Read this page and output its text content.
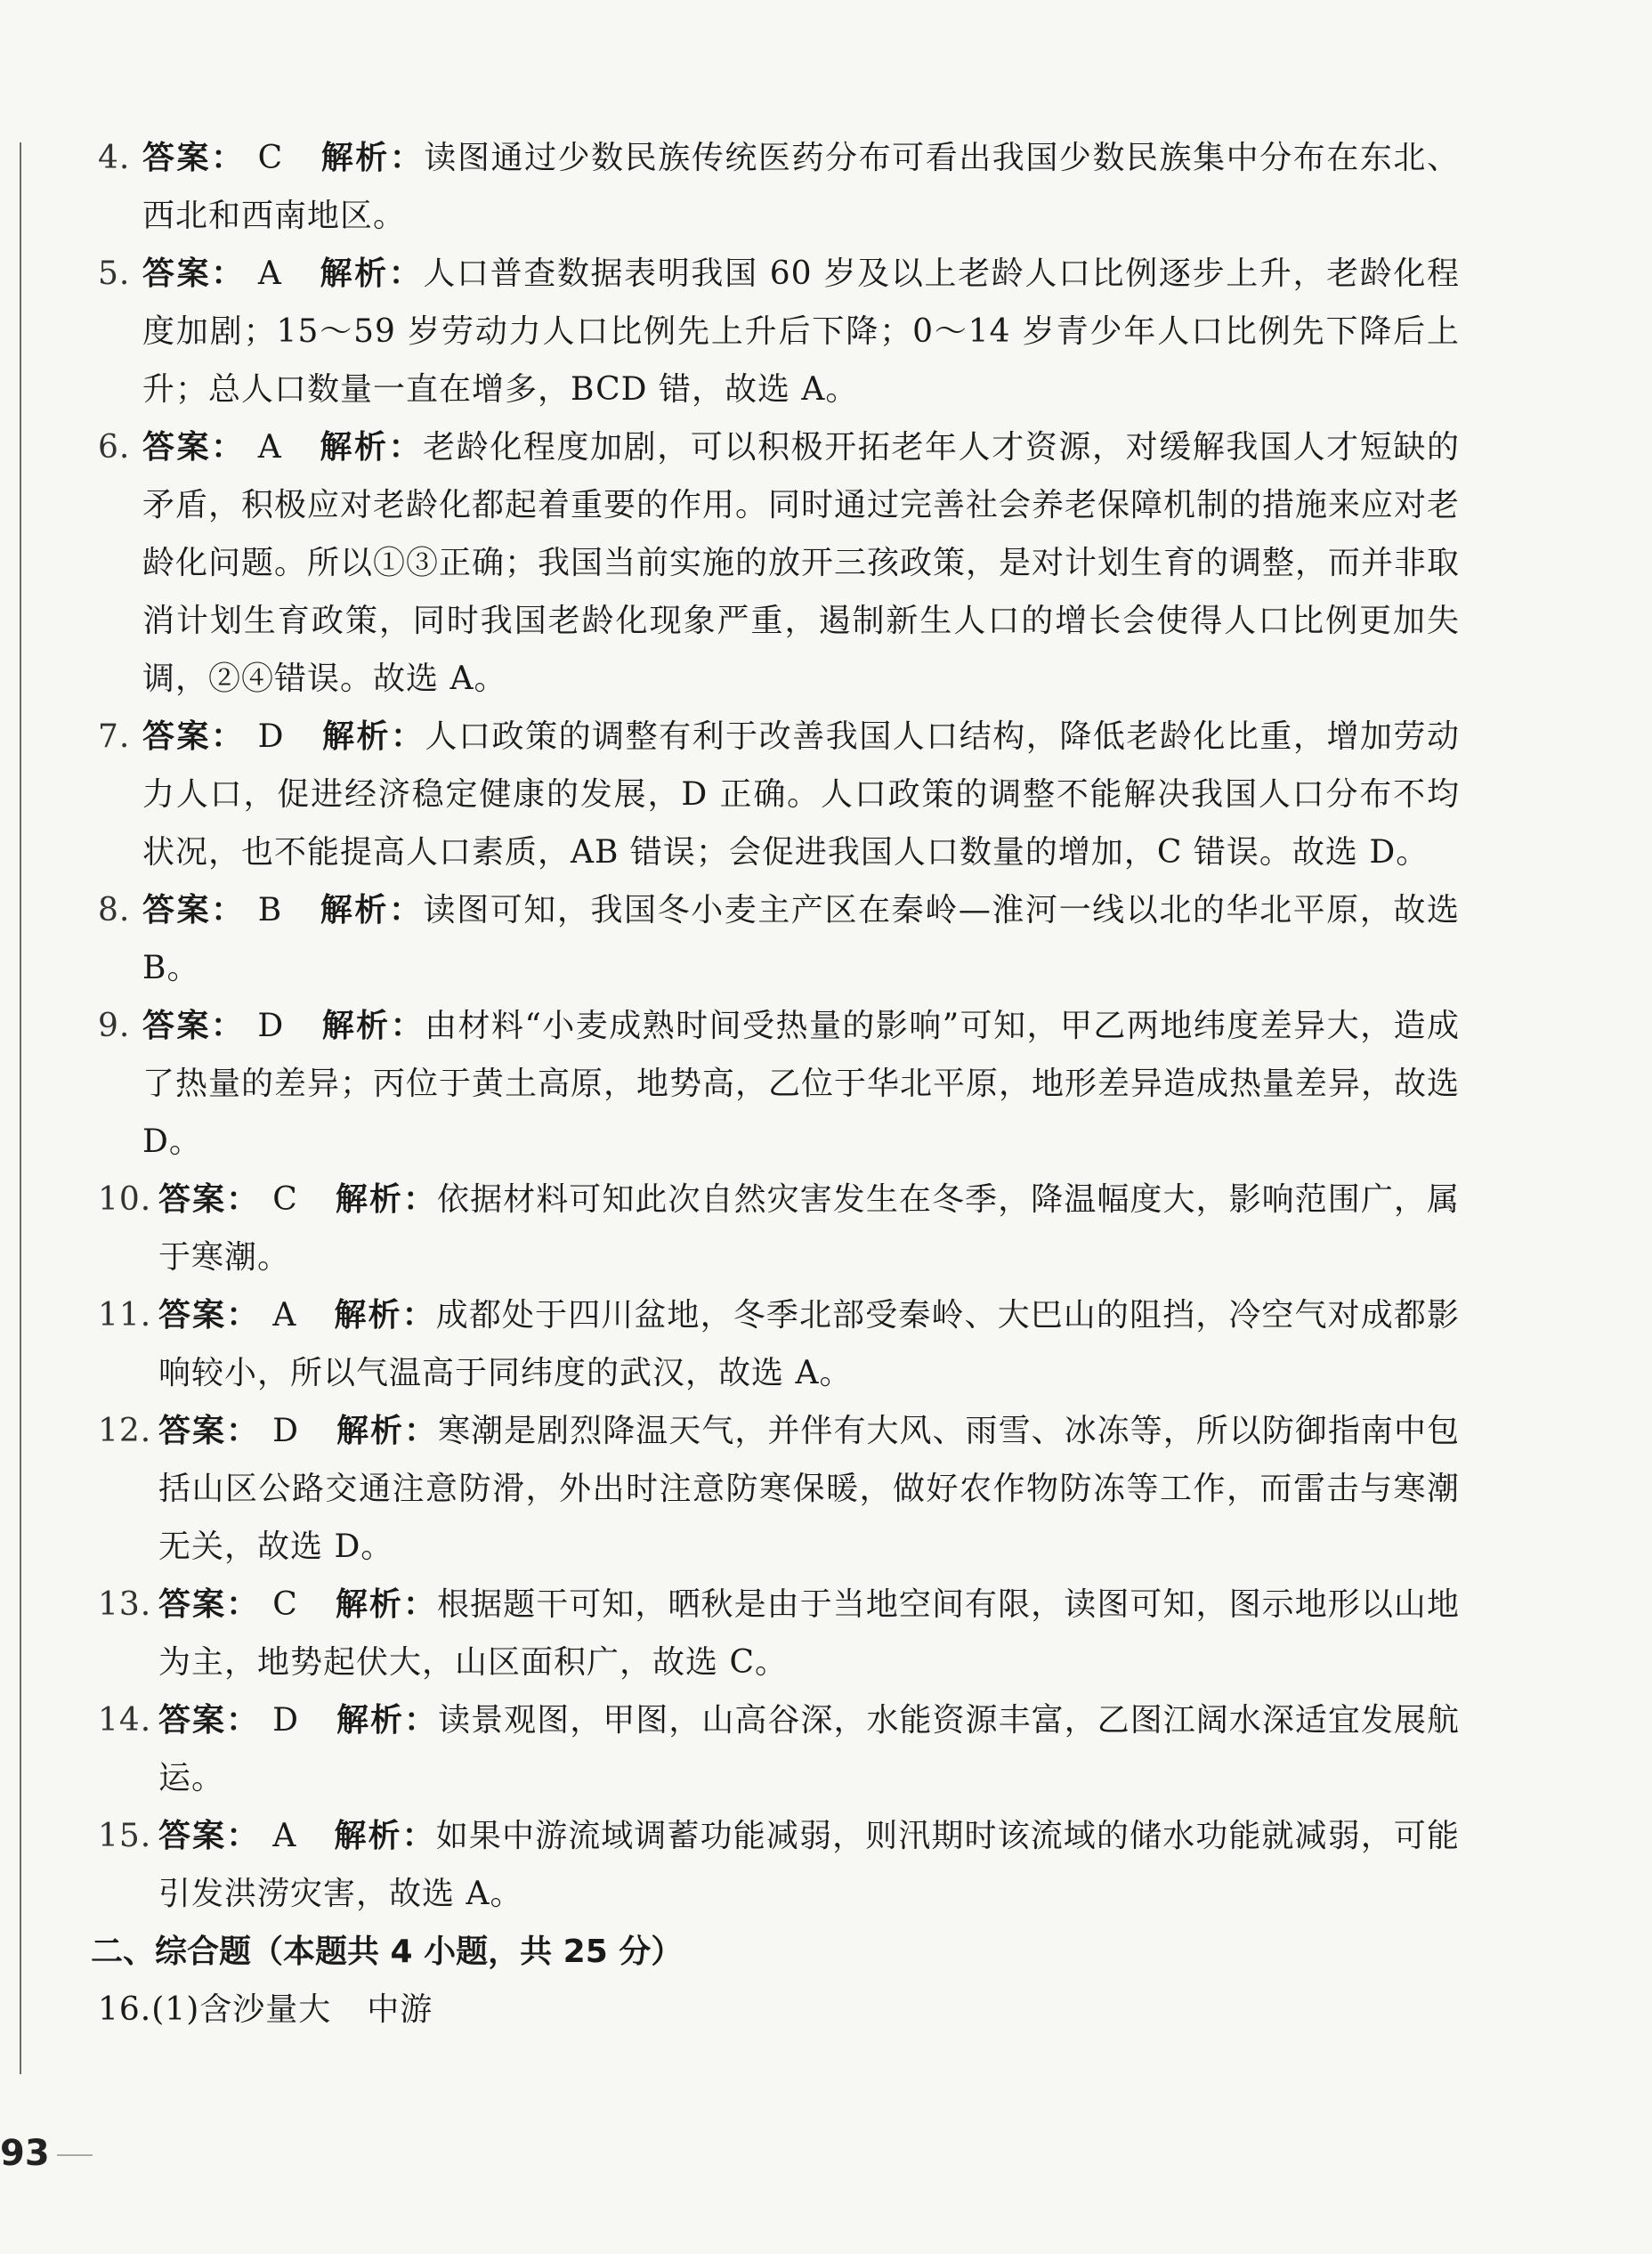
4. 答案： C 解析：读图通过少数民族传统医药分布可看出我国少数民族集中分布在东北、西北和西南地区。
5. 答案： A 解析：人口普查数据表明我国 60 岁及以上老龄人口比例逐步上升，老龄化程度加剧；15～59 岁劳动力人口比例先上升后下降；0～14 岁青少年人口比例先下降后上升；总人口数量一直在增多，BCD 错，故选 A。
6. 答案： A 解析：老龄化程度加剧，可以积极开拓老年人才资源，对缓解我国人才短缺的矛盾，积极应对老龄化都起着重要的作用。同时通过完善社会养老保障机制的措施来应对老龄化问题。所以①③正确；我国当前实施的放开三孩政策，是对计划生育的调整，而并非取消计划生育政策，同时我国老龄化现象严重，遏制新生人口的增长会使得人口比例更加失调，②④错误。故选 A。
7. 答案： D 解析：人口政策的调整有利于改善我国人口结构，降低老龄化比重，增加劳动力人口，促进经济稳定健康的发展，D 正确。人口政策的调整不能解决我国人口分布不均状况，也不能提高人口素质，AB 错误；会促进我国人口数量的增加，C 错误。故选 D。
8. 答案： B 解析：读图可知，我国冬小麦主产区在秦岭—淮河一线以北的华北平原，故选 B。
9. 答案： D 解析：由材料“小麦成熟时间受热量的影响”可知，甲乙两地纬度差异大，造成了热量的差异；丙位于黄土高原，地势高，乙位于华北平原，地形差异造成热量差异，故选 D。
10. 答案： C 解析：依据材料可知此次自然灾害发生在冬季，降温幅度大，影响范围广，属于寒潮。
11. 答案： A 解析：成都处于四川盆地，冬季北部受秦岭、大巴山的阻挡，冷空气对成都影响较小，所以气温高于同纬度的武汉，故选 A。
12. 答案： D 解析：寒潮是剧烈降温天气，并伴有大风、雨雪、冰冻等，所以防御指南中包括山区公路交通注意防滑，外出时注意防寒保暖，做好农作物防冻等工作，而雷击与寒潮无关，故选 D。
13. 答案： C 解析：根据题干可知，晒秋是由于当地空间有限，读图可知，图示地形以山地为主，地势起伏大，山区面积广，故选 C。
14. 答案： D 解析：读景观图，甲图，山高谷深，水能资源丰富，乙图江阔水深适宜发展航运。
15. 答案： A 解析：如果中游流域调蓄功能减弱，则汛期时该流域的储水功能就减弱，可能引发洪涝灾害，故选 A。
二、综合题（本题共 4 小题，共 25 分）
16.(1)含沙量大 中游
93
